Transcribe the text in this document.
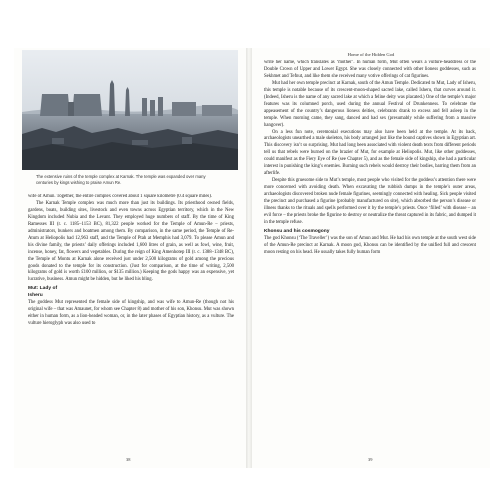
The extensive ruins of the temple complex at Karnak. The temple was expanded over many centuries by kings wishing to praise Amun Re.

wife of Amun. Together, the entire complex covered about 1 square kilometre (0.4 square miles).

The Karnak Temple complex was much more than just its buildings. Its priesthood owned fields, gardens, boats, building sites, livestock and even towns across Egyptian territory, which in the New Kingdom included Nubia and the Levant. They employed huge numbers of staff. By the time of King Ramesses III (r. c. 1185–1153 BC), 81,322 people worked for the Temple of Amun-Re – priests, administrators, bunkers and boatmen among them. By comparison, in the same period, the Temple of Re-Atum at Heliopolis had 12,963 staff, and the Temple of Ptah at Memphis had 3,079. To please Amun and his divine family, the priests’ daily offerings included 1,600 litres of grain, as well as fowl, wine, fruit, incense, honey, fat, flowers and vegetables. During the reign of King Amenhotep III (r. c. 1388–1348 BC), the Temple of Montu at Karnak alone received just under 2,500 kilograms of gold among the precious goods donated to the temple for its construction. (Just for comparison, at the time of writing, 2,500 kilograms of gold is worth £100 million, or $135 million.) Keeping the gods happy was an expensive, yet lucrative, business. Amun might be hidden, but he liked his bling.

Mut: Lady of
Isheru

The goddess Mut represented the female side of kingship, and was wife to Amun-Re (though not his original wife – that was Amaunet, for whom see Chapter 8) and mother of his son, Khonsu. Mut was shown either in human form, as a lion-headed woman, or, in the later phases of Egyptian history, as a vulture. The vulture hieroglyph was also used to

38
Home of the Hidden God

write her name, which translates as ‘mother’. In human form, Mut often wears a vulture-headdress or the Double Crown of Upper and Lower Egypt. She was closely connected with other lioness goddesses, such as Sekhmet and Tefnut, and like them she received many votive offerings of cat figurines.

Mut had her own temple precinct at Karnak, south of the Amun Temple. Dedicated to Mut, Lady of Isheru, this temple is notable because of its crescent-moon-shaped sacred lake, called Isheru, that curves around it. (Indeed, Isheru is the name of any sacred lake at which a feline deity was placated.) One of the temple’s major features was its columned porch, used during the annual Festival of Drunkenness. To celebrate the appeasement of the country’s dangerous lioness deities, celebrants drank to excess and fell asleep in the temple. When morning came, they sang, danced and had sex (presumably while suffering from a massive hangover).

On a less fun note, ceremonial executions may also have been held at the temple. At its back, archaeologists unearthed a male skeleton, his body arranged just like the bound captives shown in Egyptian art. This discovery isn’t so surprising. Mut had long been associated with violent death texts from different periods tell us that rebels were burned on the brazier of Mut, for example at Heliopolis. Mut, like other goddesses, could manifest as the Fiery Eye of Re (see Chapter 5), and as the female side of kingship, she had a particular interest in punishing the king’s enemies. Burning such rebels would destroy their bodies, barring them from an afterlife.

Despite this gruesome side to Mut’s temple, most people who visited for the goddess’s attention there were more concerned with avoiding death. When excavating the rubbish dumps in the temple’s outer areas, archaeologists discovered broken nude female figurines, seemingly connected with healing. Sick people visited the precinct and purchased a figurine (probably manufactured on site), which absorbed the person’s disease or illness thanks to the rituals and spells performed over it by the temple’s priests. Once ‘filled’ with disease – an evil force – the priests broke the figurine to destroy or neutralize the threat captured in its fabric, and dumped it in the temple refuse.

Khonsu and his cosmogony

The god Khonsu (‘The Traveller’) was the son of Amun and Mut. He had his own temple at the south west side of the Amun-Re precinct at Karnak. A moon god, Khonsu can be identified by the unified full and crescent moon resting on his head. He usually takes fully human form

39
